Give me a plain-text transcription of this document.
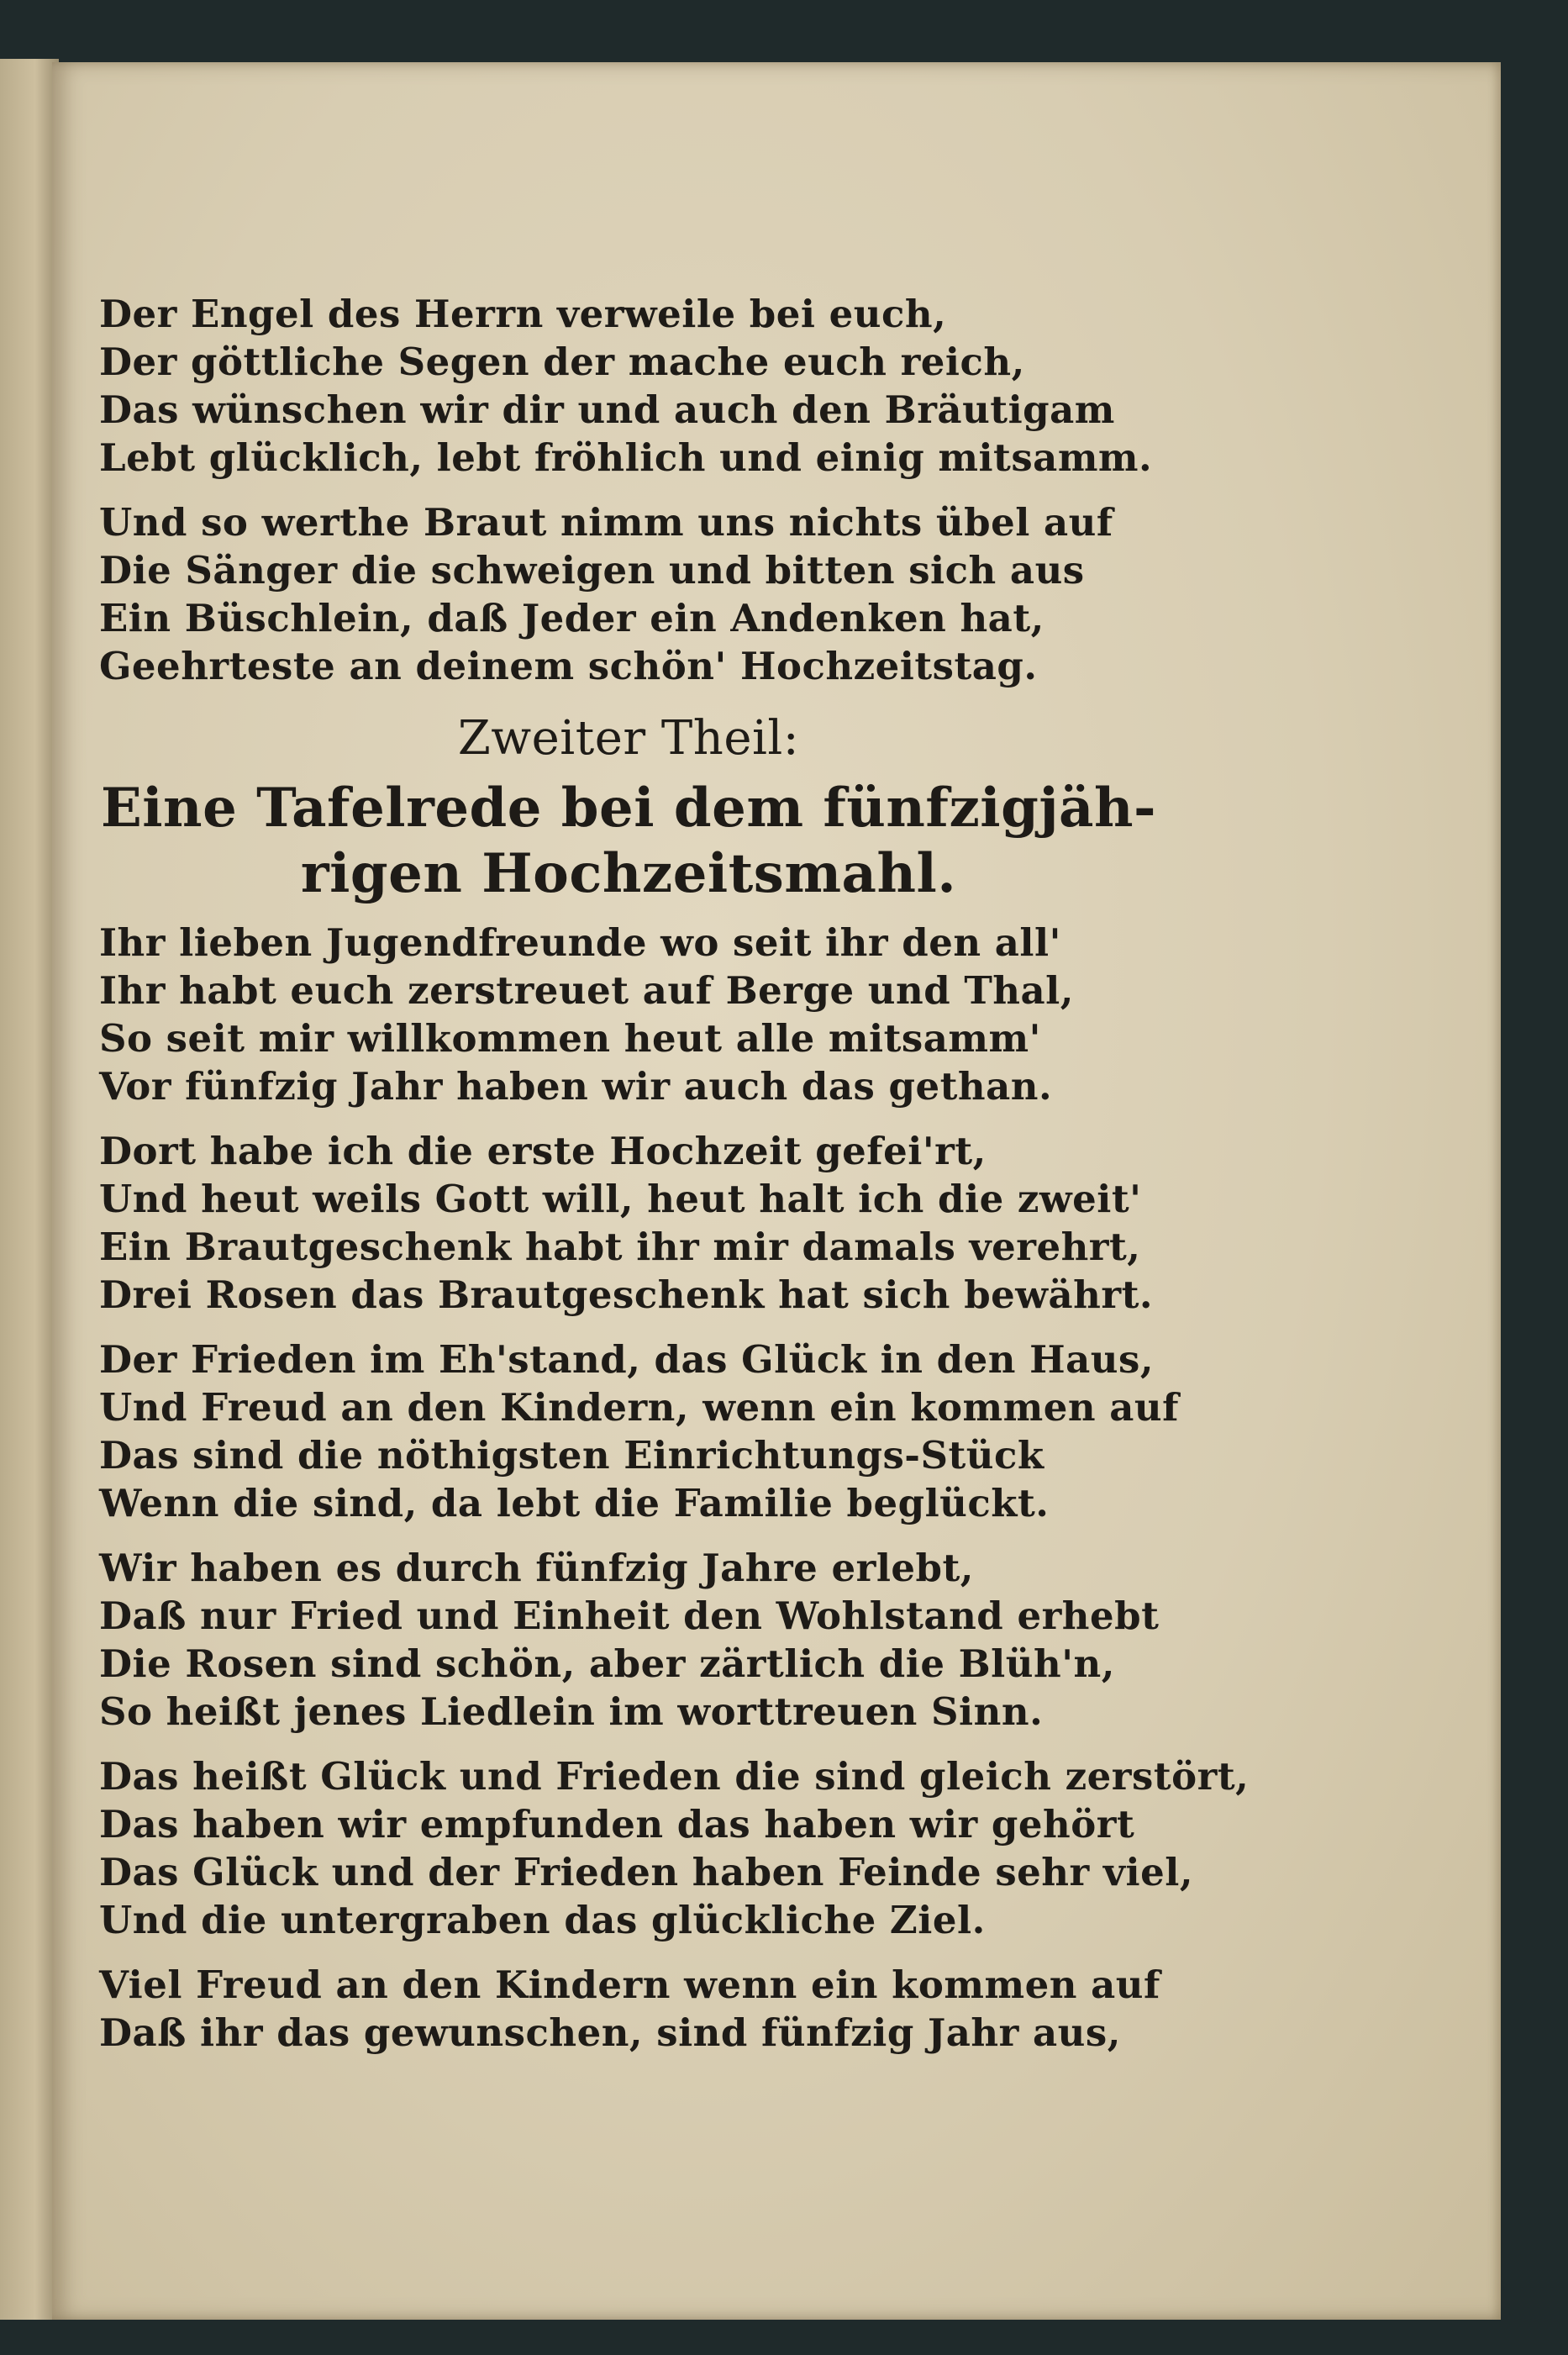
Der Engel des Herrn verweile bei euch,
Der göttliche Segen der mache euch reich,
Das wünschen wir dir und auch den Bräutigam
Lebt glücklich, lebt fröhlich und einig mitsamm.
Und so werthe Braut nimm uns nichts übel auf
Die Sänger die schweigen und bitten sich aus
Ein Büschlein, daß Jeder ein Andenken hat,
Geehrteste an deinem schön' Hochzeitstag.
Zweiter Theil:
Eine Tafelrede bei dem fünfzigjäh-
rigen Hochzeitsmahl.
Ihr lieben Jugendfreunde wo seit ihr den all'
Ihr habt euch zerstreuet auf Berge und Thal,
So seit mir willkommen heut alle mitsamm'
Vor fünfzig Jahr haben wir auch das gethan.
Dort habe ich die erste Hochzeit gefei'rt,
Und heut weils Gott will, heut halt ich die zweit'
Ein Brautgeschenk habt ihr mir damals verehrt,
Drei Rosen das Brautgeschenk hat sich bewährt.
Der Frieden im Eh'stand, das Glück in den Haus,
Und Freud an den Kindern, wenn ein kommen auf
Das sind die nöthigsten Einrichtungs-Stück
Wenn die sind, da lebt die Familie beglückt.
Wir haben es durch fünfzig Jahre erlebt,
Daß nur Fried und Einheit den Wohlstand erhebt
Die Rosen sind schön, aber zärtlich die Blüh'n,
So heißt jenes Liedlein im worttreuen Sinn.
Das heißt Glück und Frieden die sind gleich zerstört,
Das haben wir empfunden das haben wir gehört
Das Glück und der Frieden haben Feinde sehr viel,
Und die untergraben das glückliche Ziel.
Viel Freud an den Kindern wenn ein kommen auf
Daß ihr das gewunschen, sind fünfzig Jahr aus,
